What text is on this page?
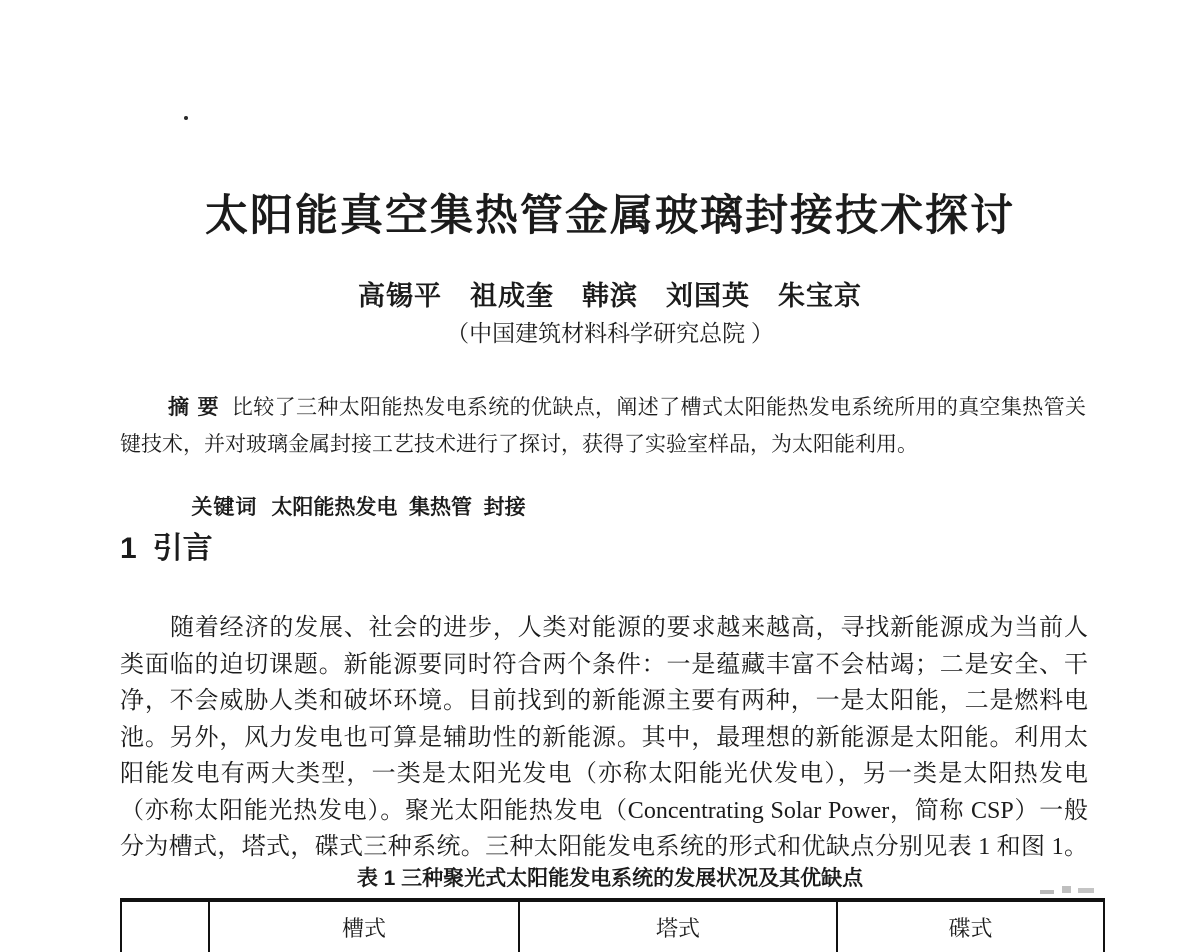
太阳能真空集热管金属玻璃封接技术探讨
高锡平　祖成奎　韩滨　刘国英　朱宝京
（中国建筑材料科学研究总院 ）
摘 要 比较了三种太阳能热发电系统的优缺点，阐述了槽式太阳能热发电系统所用的真空集热管关
键技术，并对玻璃金属封接工艺技术进行了探讨，获得了实验室样品，为太阳能利用。

关键词 太阳能热发电  集热管  封接

1 引言
随着经济的发展、社会的进步，人类对能源的要求越来越高，寻找新能源成为当前人
类面临的迫切课题。新能源要同时符合两个条件：一是蕴藏丰富不会枯竭；二是安全、干
净，不会威胁人类和破坏环境。目前找到的新能源主要有两种，一是太阳能，二是燃料电
池。另外，风力发电也可算是辅助性的新能源。其中，最理想的新能源是太阳能。利用太
阳能发电有两大类型，一类是太阳光发电（亦称太阳能光伏发电），另一类是太阳热发电
（亦称太阳能光热发电）。聚光太阳能热发电（Concentrating Solar Power，简称 CSP）一般
分为槽式，塔式，碟式三种系统。三种太阳能发电系统的形式和优缺点分别见表 1 和图 1。
表 1 三种聚光式太阳能发电系统的发展状况及其优缺点
槽式	塔式	碟式
